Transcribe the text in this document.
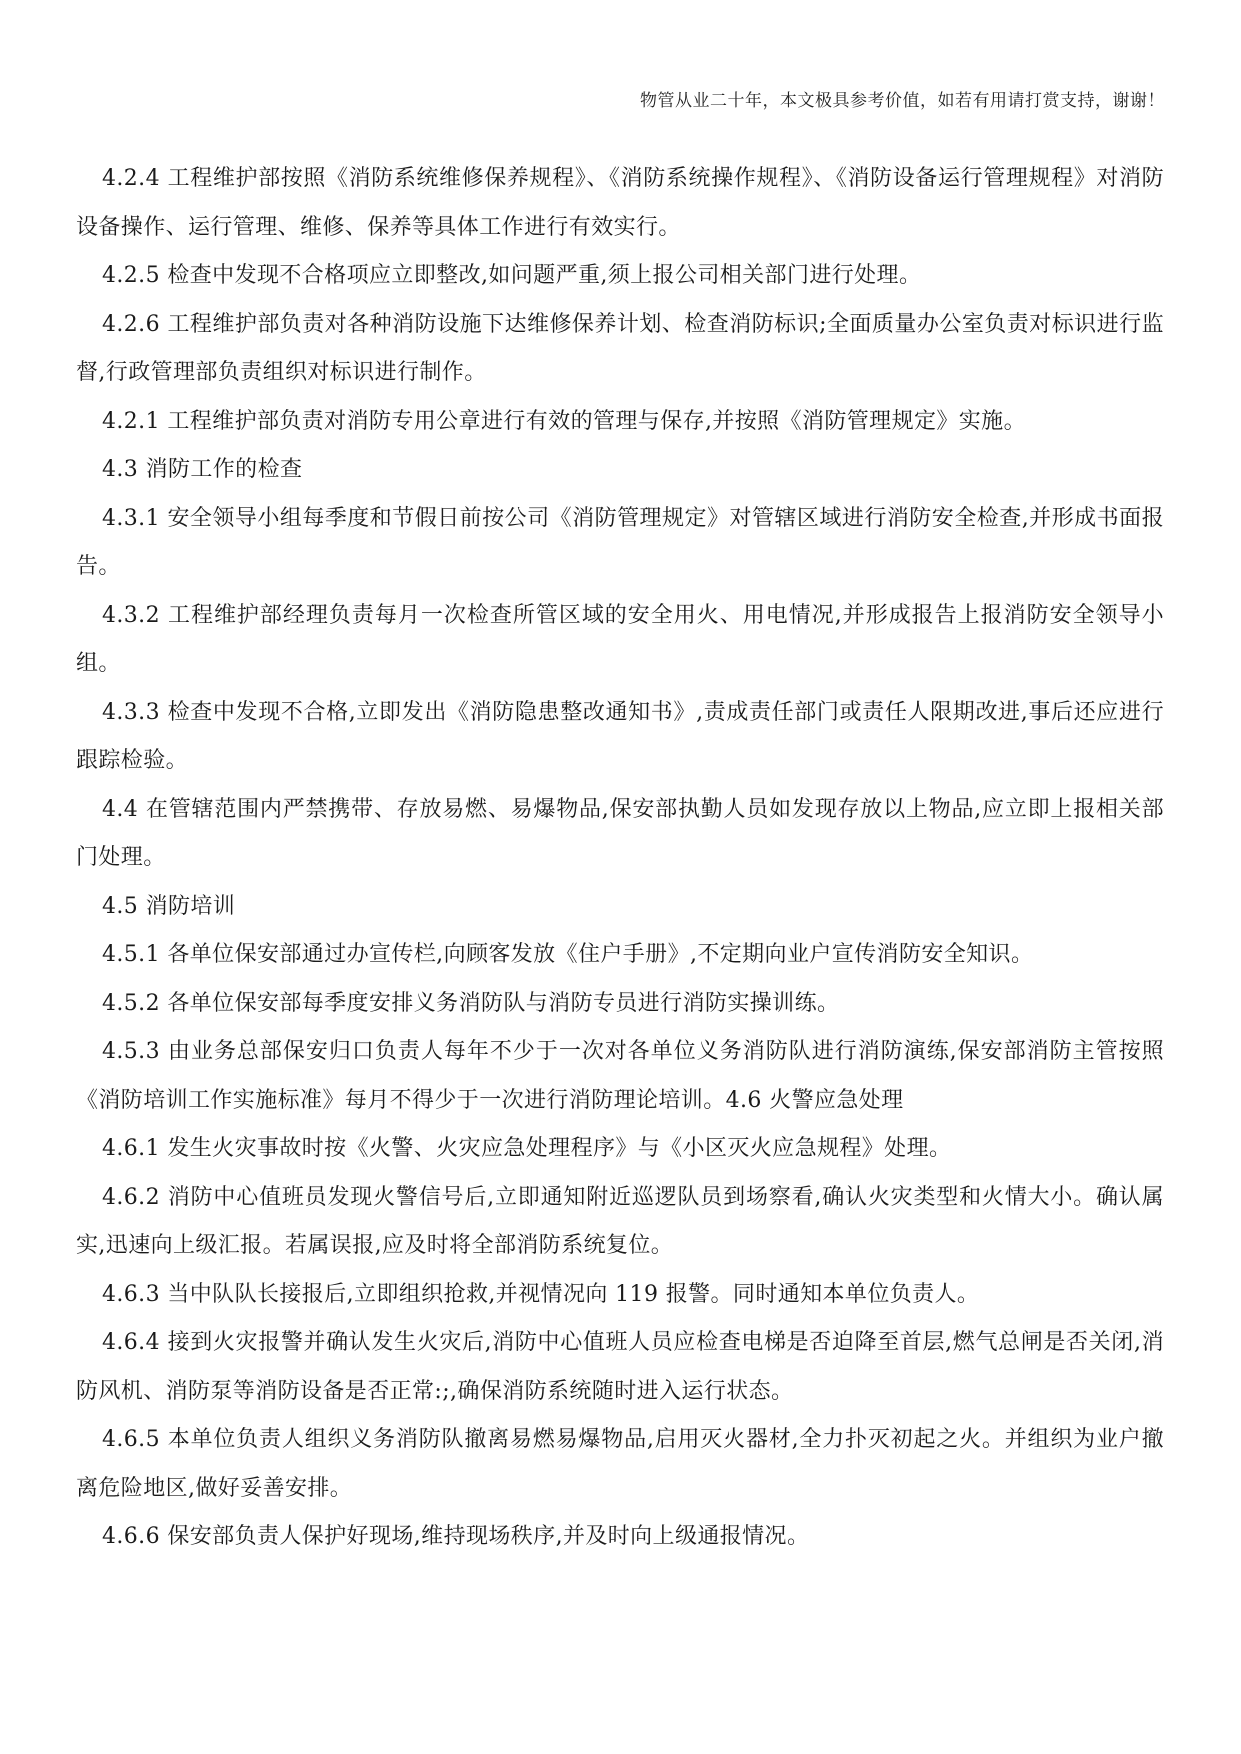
物管从业二十年，本文极具参考价值，如若有用请打赏支持，谢谢！

4.2.4 工程维护部按照《消防系统维修保养规程》、《消防系统操作规程》、《消防设备运行管理规程》对消防设备操作、运行管理、维修、保养等具体工作进行有效实行。

4.2.5 检查中发现不合格项应立即整改,如问题严重,须上报公司相关部门进行处理。

4.2.6 工程维护部负责对各种消防设施下达维修保养计划、检查消防标识;全面质量办公室负责对标识进行监督,行政管理部负责组织对标识进行制作。

4.2.1 工程维护部负责对消防专用公章进行有效的管理与保存,并按照《消防管理规定》实施。

4.3 消防工作的检查

4.3.1 安全领导小组每季度和节假日前按公司《消防管理规定》对管辖区域进行消防安全检查,并形成书面报告。

4.3.2 工程维护部经理负责每月一次检查所管区域的安全用火、用电情况,并形成报告上报消防安全领导小组。

4.3.3 检查中发现不合格,立即发出《消防隐患整改通知书》,责成责任部门或责任人限期改进,事后还应进行跟踪检验。

4.4 在管辖范围内严禁携带、存放易燃、易爆物品,保安部执勤人员如发现存放以上物品,应立即上报相关部门处理。

4.5 消防培训

4.5.1 各单位保安部通过办宣传栏,向顾客发放《住户手册》,不定期向业户宣传消防安全知识。

4.5.2 各单位保安部每季度安排义务消防队与消防专员进行消防实操训练。

4.5.3 由业务总部保安归口负责人每年不少于一次对各单位义务消防队进行消防演练,保安部消防主管按照《消防培训工作实施标准》每月不得少于一次进行消防理论培训。4.6 火警应急处理

4.6.1 发生火灾事故时按《火警、火灾应急处理程序》与《小区灭火应急规程》处理。

4.6.2 消防中心值班员发现火警信号后,立即通知附近巡逻队员到场察看,确认火灾类型和火情大小。确认属实,迅速向上级汇报。若属误报,应及时将全部消防系统复位。

4.6.3 当中队队长接报后,立即组织抢救,并视情况向 119 报警。同时通知本单位负责人。

4.6.4 接到火灾报警并确认发生火灾后,消防中心值班人员应检查电梯是否迫降至首层,燃气总闸是否关闭,消防风机、消防泵等消防设备是否正常:;,确保消防系统随时进入运行状态。

4.6.5 本单位负责人组织义务消防队撤离易燃易爆物品,启用灭火器材,全力扑灭初起之火。并组织为业户撤离危险地区,做好妥善安排。

4.6.6 保安部负责人保护好现场,维持现场秩序,并及时向上级通报情况。
